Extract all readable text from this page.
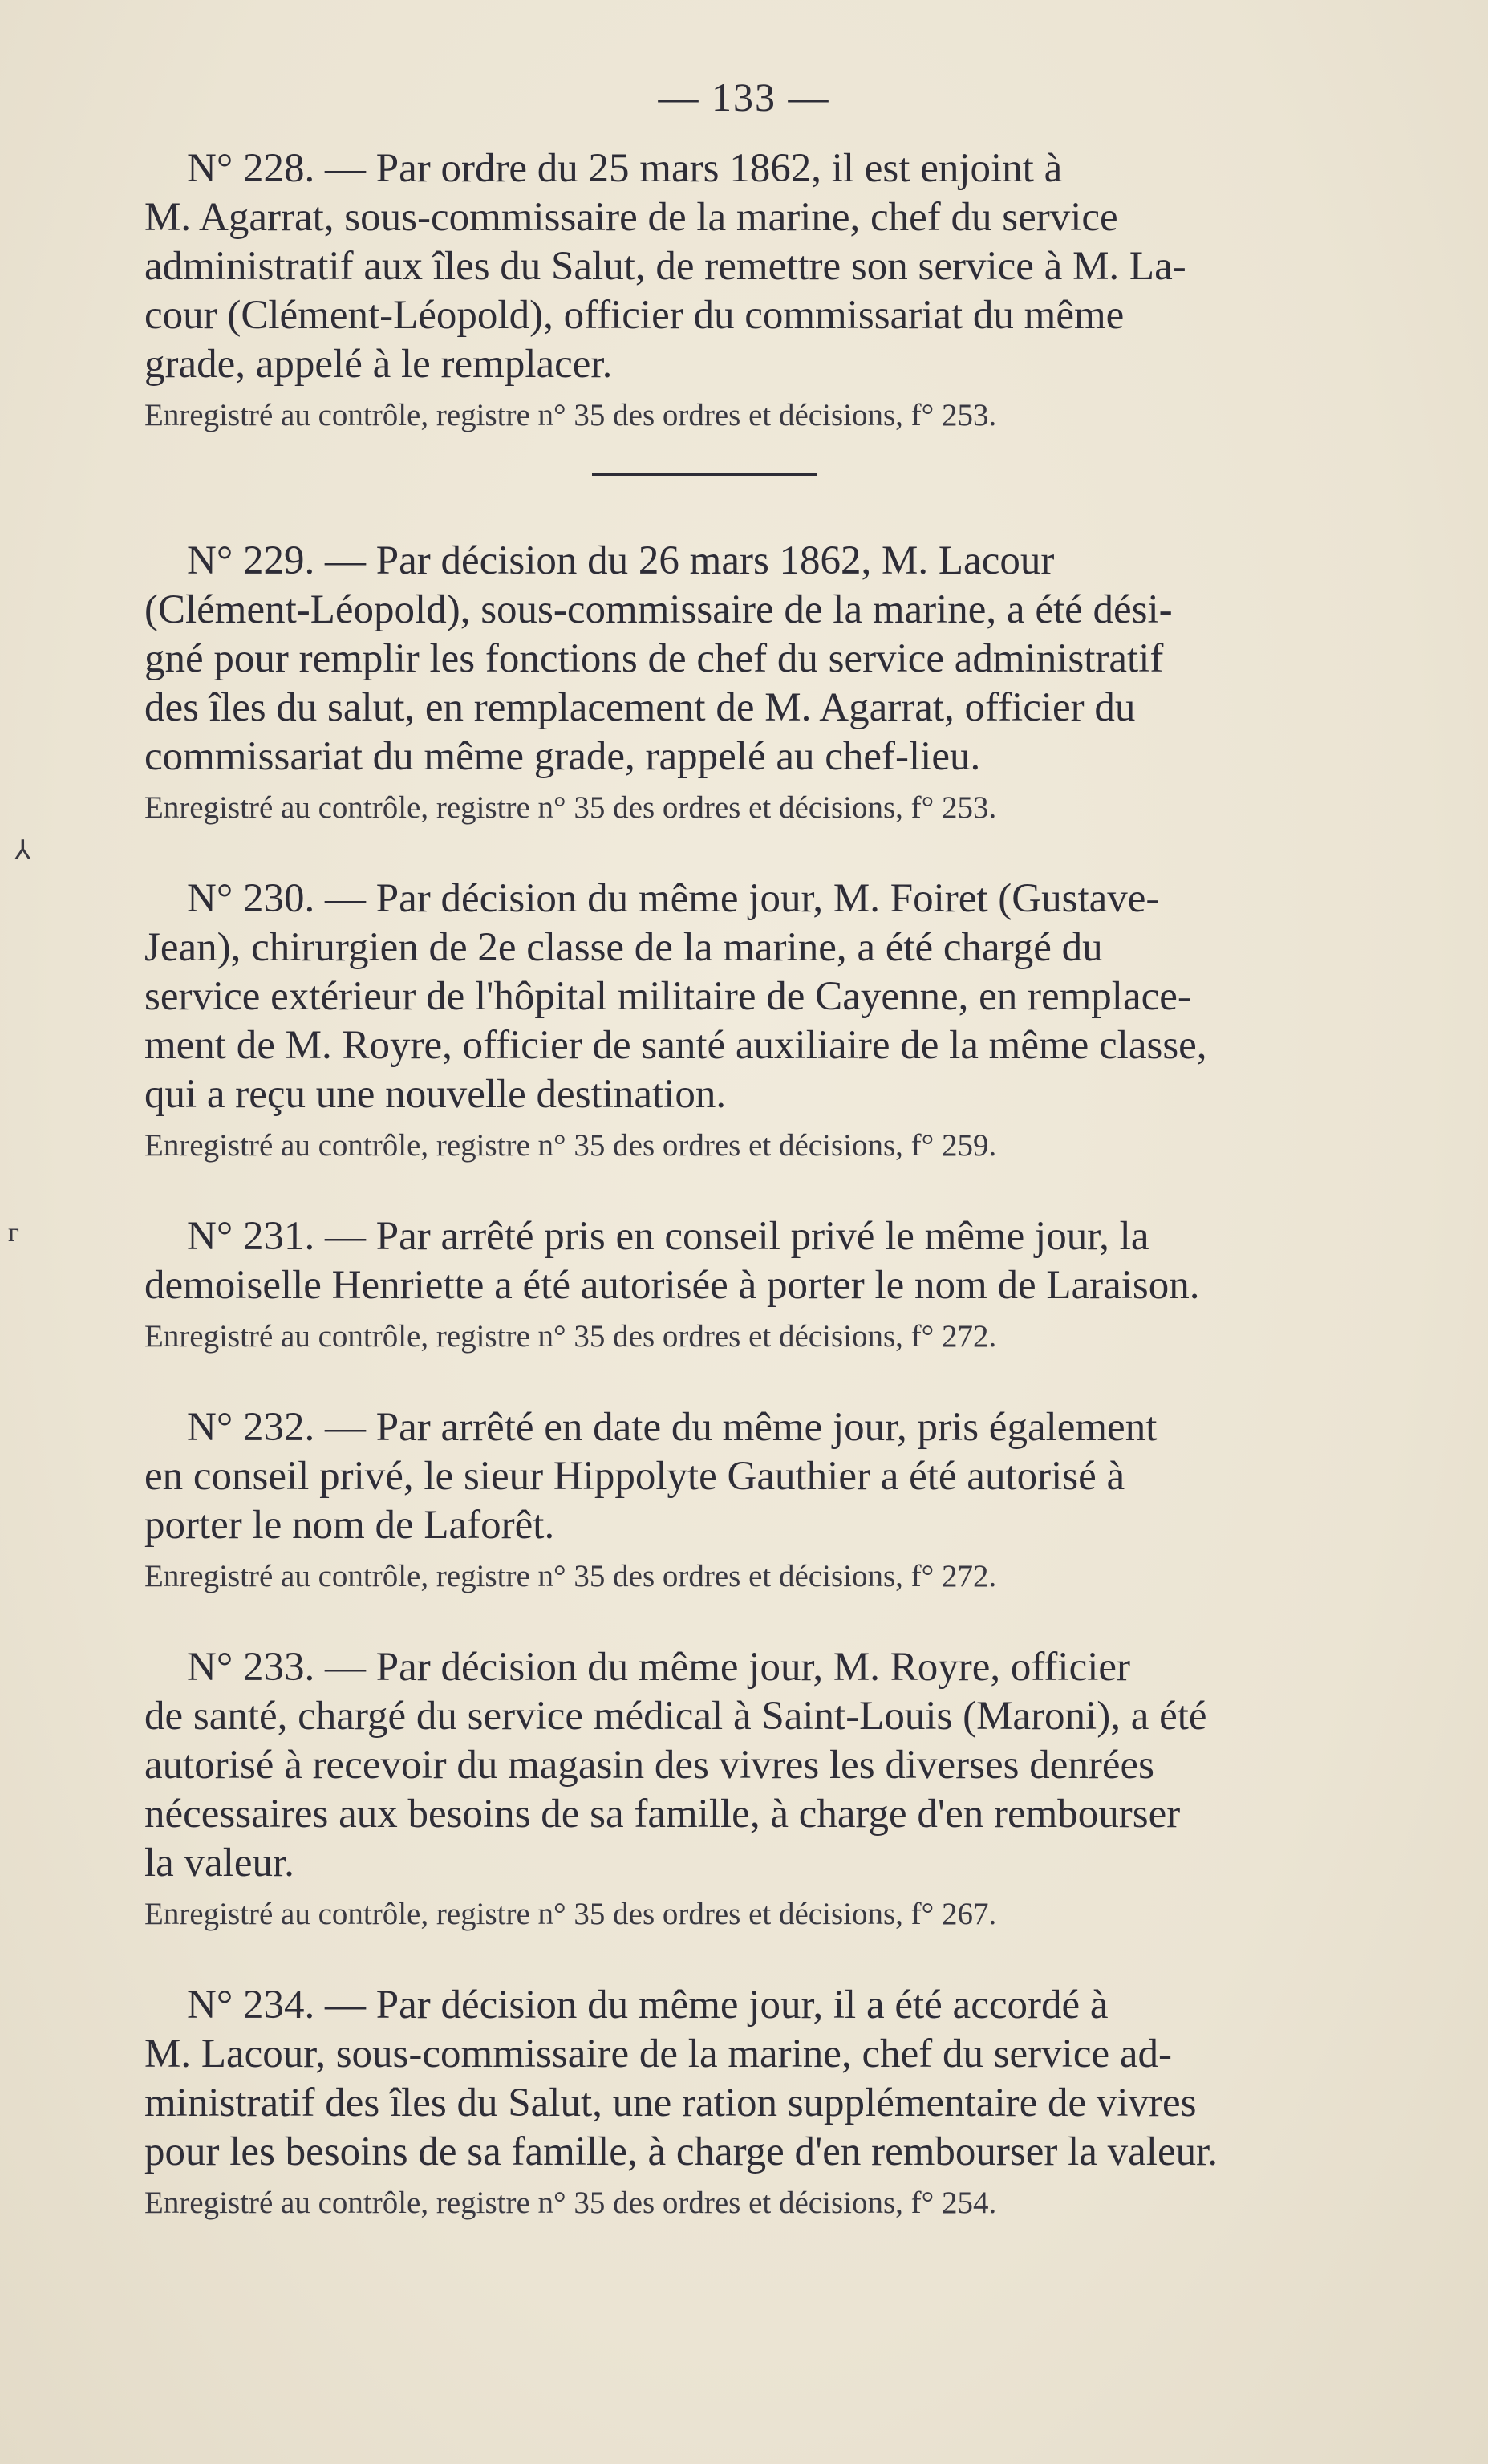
— 133 —
⅄
ᴦ
N° 228. — Par ordre du 25 mars 1862, il est enjoint à
M. Agarrat, sous-commissaire de la marine, chef du service
administratif aux îles du Salut, de remettre son service à M. La-
cour (Clément-Léopold), officier du commissariat du même
grade, appelé à le remplacer.
Enregistré au contrôle, registre n° 35 des ordres et décisions, f° 253.
N° 229. — Par décision du 26 mars 1862, M. Lacour
(Clément-Léopold), sous-commissaire de la marine, a été dési-
gné pour remplir les fonctions de chef du service administratif
des îles du salut, en remplacement de M. Agarrat, officier du
commissariat du même grade, rappelé au chef-lieu.
Enregistré au contrôle, registre n° 35 des ordres et décisions, f° 253.
N° 230. — Par décision du même jour, M. Foiret (Gustave-
Jean), chirurgien de 2e classe de la marine, a été chargé du
service extérieur de l'hôpital militaire de Cayenne, en remplace-
ment de M. Royre, officier de santé auxiliaire de la même classe,
qui a reçu une nouvelle destination.
Enregistré au contrôle, registre n° 35 des ordres et décisions, f° 259.
N° 231. — Par arrêté pris en conseil privé le même jour, la
demoiselle Henriette a été autorisée à porter le nom de Laraison.
Enregistré au contrôle, registre n° 35 des ordres et décisions, f° 272.
N° 232. — Par arrêté en date du même jour, pris également
en conseil privé, le sieur Hippolyte Gauthier a été autorisé à
porter le nom de Laforêt.
Enregistré au contrôle, registre n° 35 des ordres et décisions, f° 272.
N° 233. — Par décision du même jour, M. Royre, officier
de santé, chargé du service médical à Saint-Louis (Maroni), a été
autorisé à recevoir du magasin des vivres les diverses denrées
nécessaires aux besoins de sa famille, à charge d'en rembourser
la valeur.
Enregistré au contrôle, registre n° 35 des ordres et décisions, f° 267.
N° 234. — Par décision du même jour, il a été accordé à
M. Lacour, sous-commissaire de la marine, chef du service ad-
ministratif des îles du Salut, une ration supplémentaire de vivres
pour les besoins de sa famille, à charge d'en rembourser la valeur.
Enregistré au contrôle, registre n° 35 des ordres et décisions, f° 254.
